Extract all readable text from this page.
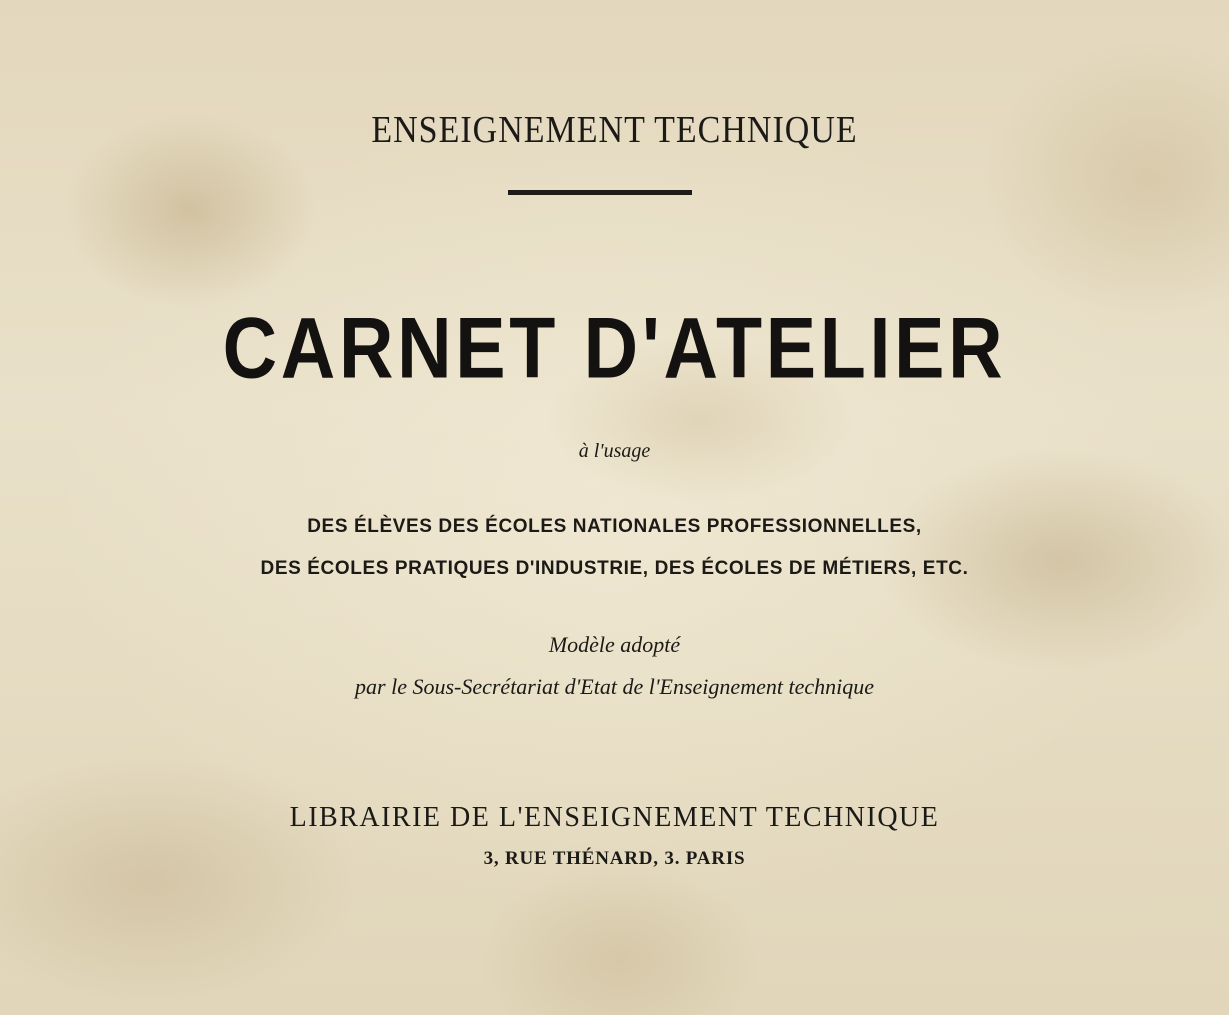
ENSEIGNEMENT TECHNIQUE
CARNET D'ATELIER
à l'usage
DES ÉLÈVES DES ÉCOLES NATIONALES PROFESSIONNELLES,
DES ÉCOLES PRATIQUES D'INDUSTRIE, DES ÉCOLES DE MÉTIERS, ETC.
Modèle adopté
par le Sous-Secrétariat d'Etat de l'Enseignement technique
LIBRAIRIE DE L'ENSEIGNEMENT TECHNIQUE
3, RUE THÉNARD, 3. PARIS
